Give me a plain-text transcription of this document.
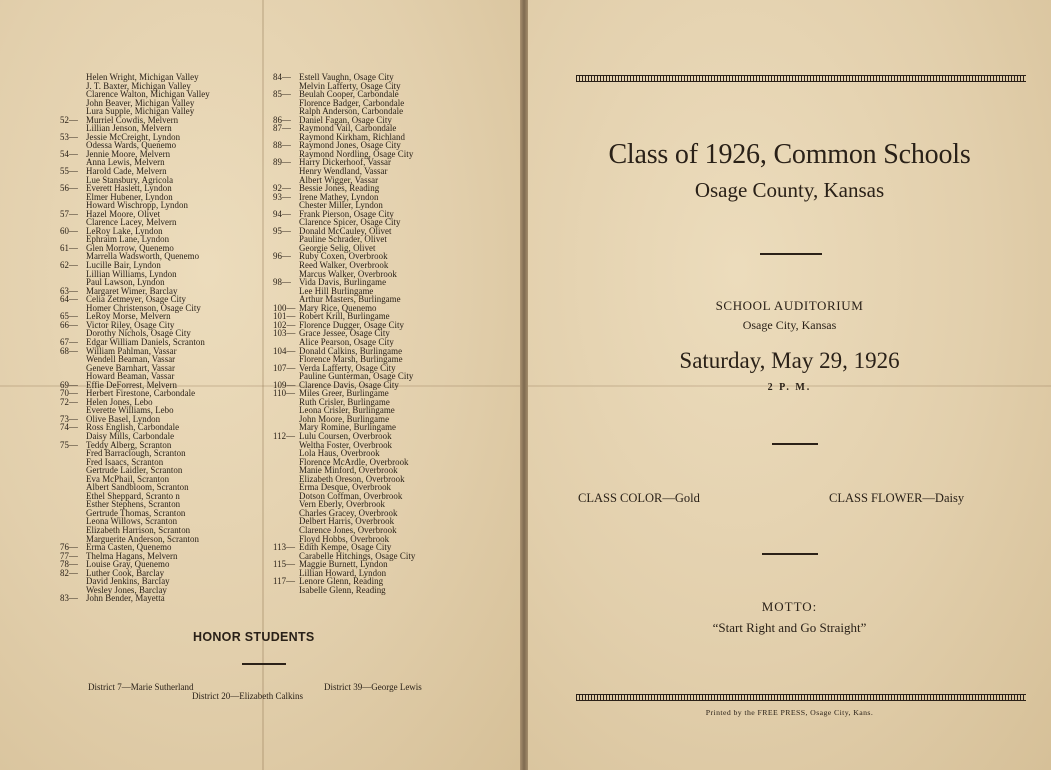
Helen Wright, Michigan Valley
J. T. Baxter, Michigan Valley
Clarence Walton, Michigan Valley
John Beaver, Michigan Valley
Lura Supple, Michigan Valley
52— Murriel Cowdis, Melvern
Lillian Jenson, Melvern
53— Jessie McCreight, Lyndon
Odessa Wards, Quenemo
54— Jennie Moore, Melvern
Anna Lewis, Melvern
55— Harold Cade, Melvern
Lue Stansbury, Agricola
56— Everett Haslett, Lyndon
Elmer Hubener, Lyndon
Howard Wischropp, Lyndon
57— Hazel Moore, Olivet
Clarence Lacey, Melvern
60— LeRoy Lake, Lyndon
Ephraim Lane, Lyndon
61— Glen Morrow, Quenemo
Marrella Wadsworth, Quenemo
62— Lucille Bair, Lyndon
Lillian Williams, Lyndon
Paul Lawson, Lyndon
63— Margaret Wimer, Barclay
64— Celia Zetmeyer, Osage City
Homer Christenson, Osage City
65— LeRoy Morse, Melvern
66— Victor Riley, Osage City
Dorothy Nichols, Osage City
67— Edgar William Daniels, Scranton
68— William Pahlman, Vassar
Wendell Beaman, Vassar
Geneve Barnhart, Vassar
Howard Beaman, Vassar
69— Effie DeForrest, Melvern
70— Herbert Firestone, Carbondale
72— Helen Jones, Lebo
Everette Williams, Lebo
73— Olive Basel, Lyndon
74— Ross English, Carbondale
Daisy Mills, Carbondale
75— Teddy Alberg, Scranton
Fred Barraclough, Scranton
Fred Isaacs, Scranton
Gertrude Laidler, Scranton
Eva McPhail, Scranton
Albert Sandbloom, Scranton
Ethel Sheppard, Scranto n
Esther Stephens, Scranton
Gertrude Thomas, Scranton
Leona Willows, Scranton
Elizabeth Harrison, Scranton
Marguerite Anderson, Scranton
76— Erma Casten, Quenemo
77— Thelma Hagans, Melvern
78— Louise Gray, Quenemo
82— Luther Cook, Barclay
David Jenkins, Barclay
Wesley Jones, Barclay
83— John Bender, Mayetta
84— Estell Vaughn, Osage City
Melvin Lafferty, Osage City
85— Beulah Cooper, Carbondale
Florence Badger, Carbondale
Ralph Anderson, Carbondale
86— Daniel Fagan, Osage City
87— Raymond Vail, Carbondale
Raymond Kirkham, Richland
88— Raymond Jones, Osage City
Raymond Nordling, Osage City
89— Harry Dickerhoof, Vassar
Henry Wendland, Vassar
Albert Wigger, Vassar
92— Bessie Jones, Reading
93— Irene Mathey, Lyndon
Chester Miller, Lyndon
94— Frank Pierson, Osage City
Clarence Spicer, Osage City
95— Donald McCauley, Olivet
Pauline Schrader, Olivet
Georgie Selig, Olivet
96— Ruby Coxen, Overbrook
Reed Walker, Overbrook
Marcus Walker, Overbrook
98— Vida Davis, Burlingame
Lee Hill Burlingame
Arthur Masters, Burlingame
100— Mary Rice, Quenemo
101— Robert Krill, Burlingame
102— Florence Dugger, Osage City
103— Grace Jessee, Osage City
Alice Pearson, Osage City
104— Donald Calkins, Burlingame
Florence Marsh, Burlingame
107— Verda Lafferty, Osage City
Pauline Gunterman, Osage City
109— Clarence Davis, Osage City
110— Miles Greer, Burlingame
Ruth Crisler, Burlingame
Leona Crisler, Burlingame
John Moore, Burlingame
Mary Romine, Burlingame
112— Lulu Coursen, Overbrook
Weltha Foster, Overbrook
Lola Haus, Overbrook
Florence McArdle, Overbrook
Manie Minford, Overbrook
Elizabeth Oreson, Overbrook
Erma Desque, Overbrook
Dotson Coffman, Overbrook
Vern Eberly, Overbrook
Charles Gracey, Overbrook
Delbert Harris, Overbrook
Clarence Jones, Overbrook
Floyd Hobbs, Overbrook
113— Edith Kempe, Osage City
Carabelle Hitchings, Osage City
115— Maggie Burnett, Lyndon
Lillian Howard, Lyndon
117— Lenore Glenn, Reading
Isabelle Glenn, Reading
HONOR STUDENTS
District 7—Marie Sutherland	District 39—George Lewis
District 20—Elizabeth Calkins
Class of 1926, Common Schools
Osage County, Kansas
SCHOOL AUDITORIUM
Osage City, Kansas
Saturday, May 29, 1926
2 P. M.
CLASS COLOR—Gold	CLASS FLOWER—Daisy
MOTTO:
“Start Right and Go Straight”
Printed by the FREE PRESS, Osage City, Kans.
